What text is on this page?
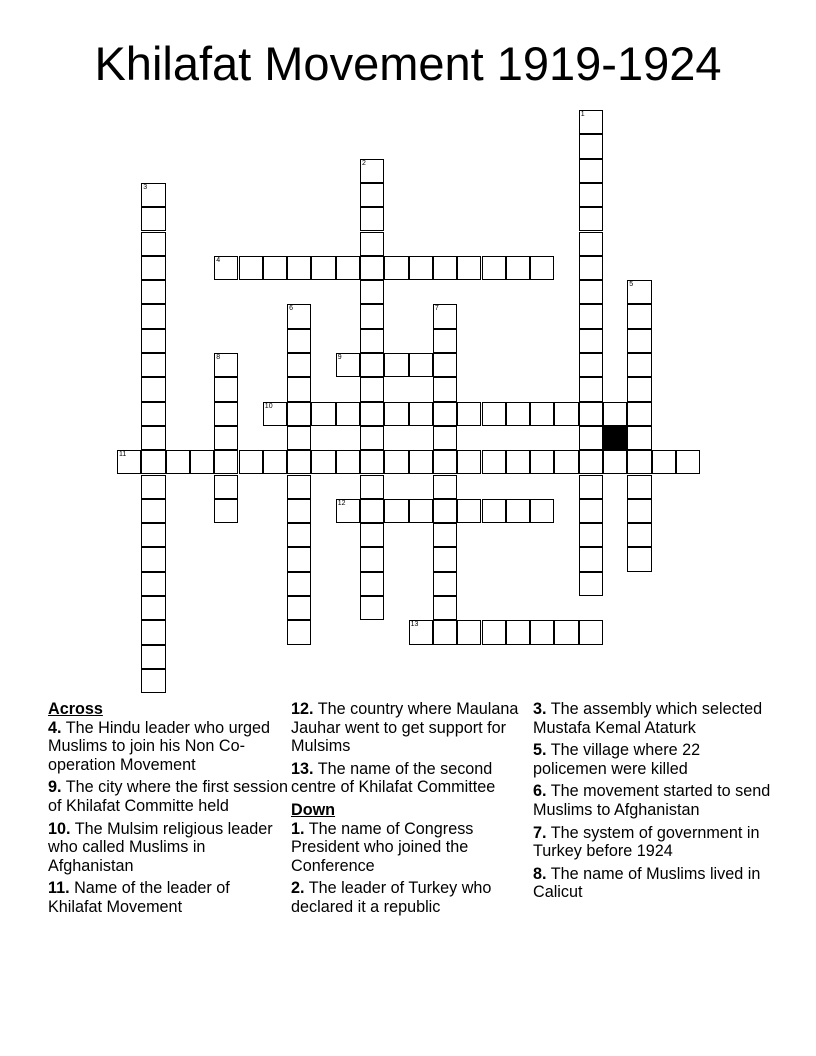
Khilafat Movement 1919-1924
1
2
3
4
5
6	7
8	9
10
11
12
13
Across
4. The Hindu leader who urged Muslims to join his Non Co-operation Movement
9. The city where the first session of Khilafat Committe held
10. The Mulsim religious leader who called Muslims in Afghanistan
11. Name of the leader of Khilafat Movement
12. The country where Maulana Jauhar went to get support for Mulsims
13. The name of the second centre of Khilafat Committee
Down
1. The name of Congress President who joined the Conference
2. The leader of Turkey who declared it a republic
3. The assembly which selected Mustafa Kemal Ataturk
5. The village where 22 policemen were killed
6. The movement started to send Muslims to Afghanistan
7. The system of government in Turkey before 1924
8. The name of Muslims lived in Calicut
